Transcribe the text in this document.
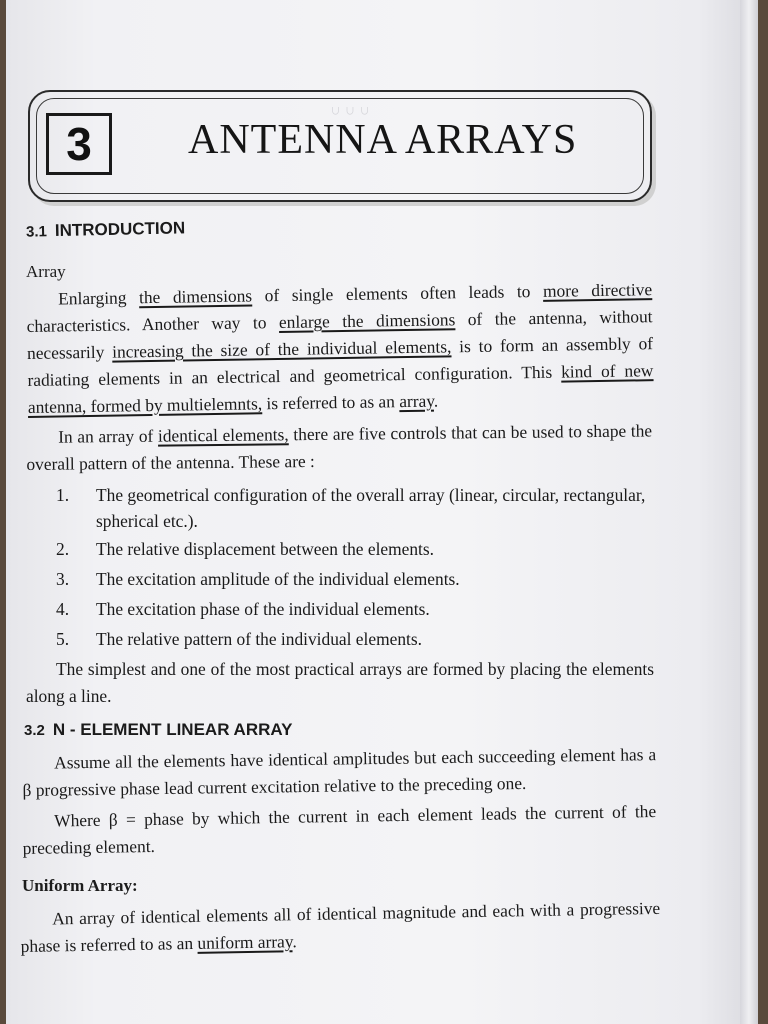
∩ ∩ ∩
3	ANTENNA ARRAYS
3.1 INTRODUCTION
Array
Enlarging the dimensions of single elements often leads to more directive characteristics. Another way to enlarge the dimensions of the antenna, without necessarily increasing the size of the individual elements, is to form an assembly of radiating elements in an electrical and geometrical configuration. This kind of new antenna, formed by multielemnts, is referred to as an array.
In an array of identical elements, there are five controls that can be used to shape the overall pattern of the antenna. These are :
1.	The geometrical configuration of the overall array (linear, circular, rectangular, spherical etc.).
2.	The relative displacement between the elements.
3.	The excitation amplitude of the individual elements.
4.	The excitation phase of the individual elements.
5.	The relative pattern of the individual elements.
The simplest and one of the most practical arrays are formed by placing the elements along a line.
3.2 N - ELEMENT LINEAR ARRAY
Assume all the elements have identical amplitudes but each succeeding element has a β progressive phase lead current excitation relative to the preceding one.
Where β = phase by which the current in each element leads the current of the preceding element.
Uniform Array:
An array of identical elements all of identical magnitude and each with a progressive phase is referred to as an uniform array.
